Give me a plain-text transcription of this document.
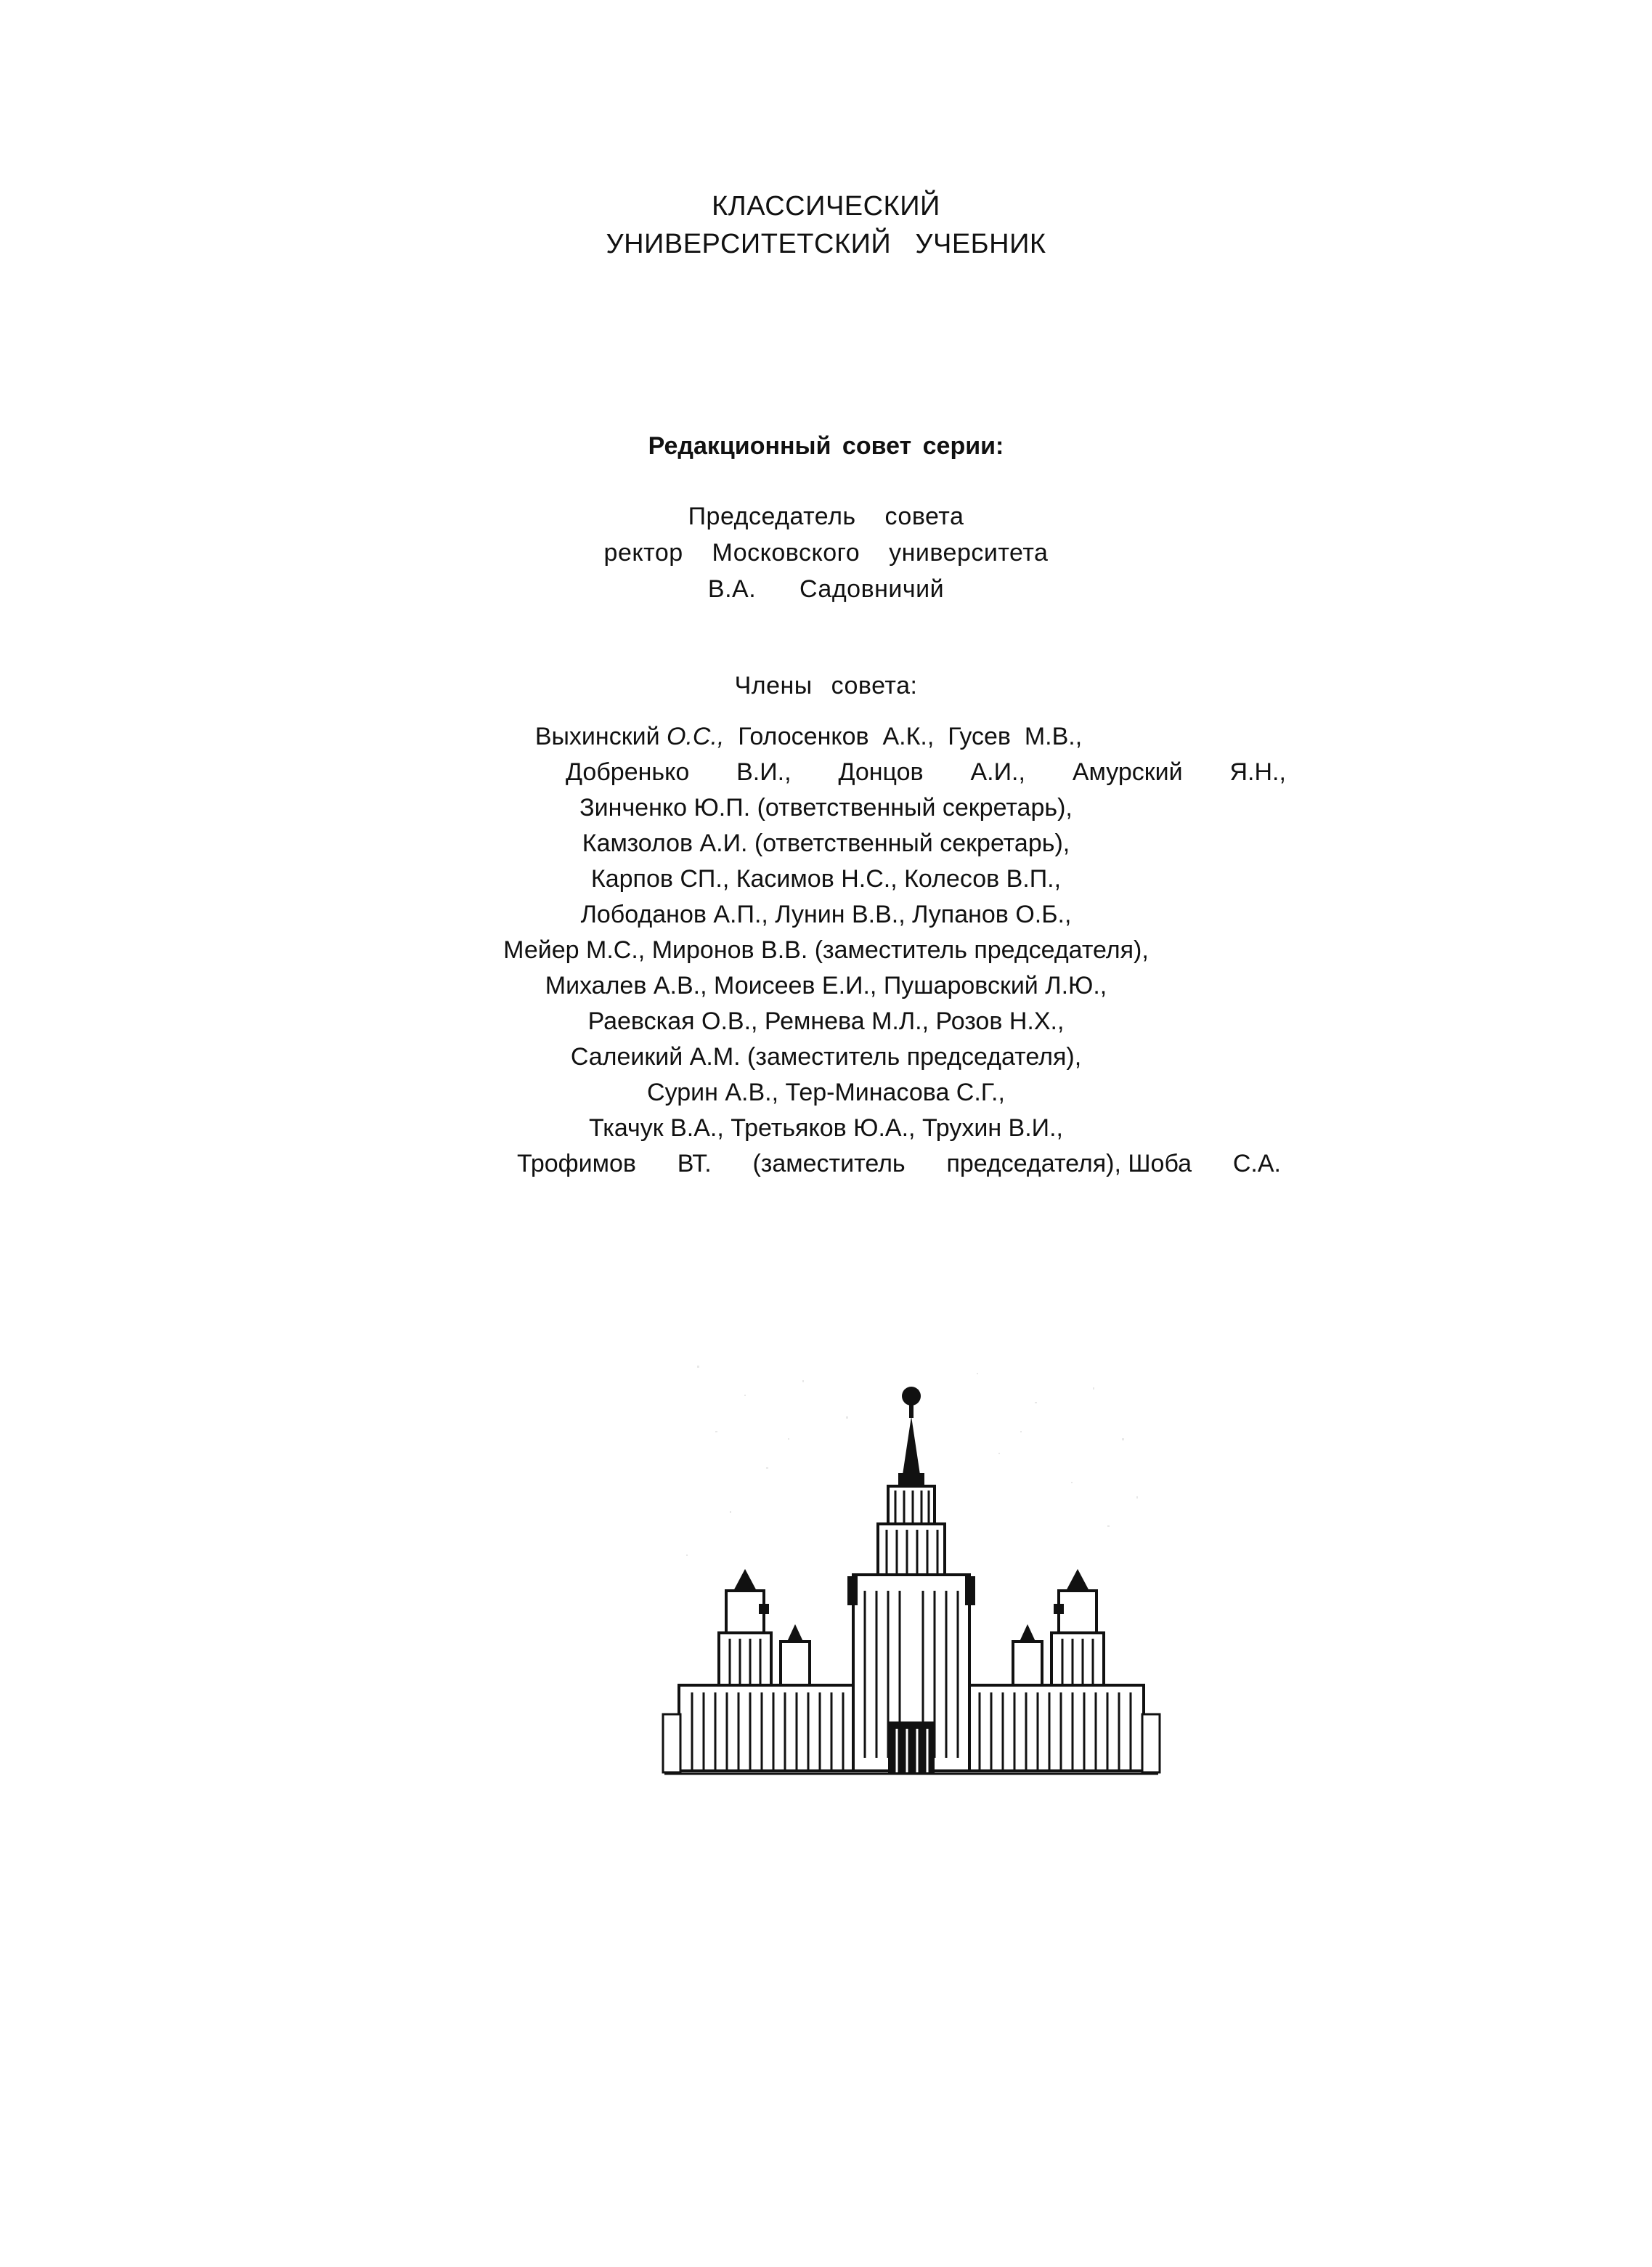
КЛАССИЧЕСКИЙ
УНИВЕРСИТЕТСКИЙ   УЧЕБНИК
Редакционный совет серии:
Председатель  совета
ректор  Московского  университета
В.А.   Садовничий
Члены совета:
Выхинский О.С.,  Голосенков  А.К.,  Гусев  М.В.,
Добренько В.И., Донцов А.И., Амурский Я.Н.,
Зинченко Ю.П. (ответственный секретарь),
Камзолов А.И. (ответственный секретарь),
Карпов СП., Касимов Н.С., Колесов В.П.,
Лободанов А.П., Лунин В.В., Лупанов О.Б.,
Мейер М.С., Миронов В.В. (заместитель председателя),
Михалев А.В., Моисеев Е.И., Пушаровский Л.Ю.,
Раевская О.В., Ремнева М.Л., Розов Н.Х.,
Салеикий А.М. (заместитель председателя),
Сурин А.В., Тер-Минасова С.Г.,
Ткачук В.А., Третьяков Ю.А., Трухин В.И.,
Трофимов ВТ. (заместитель председателя), Шоба С.А.
